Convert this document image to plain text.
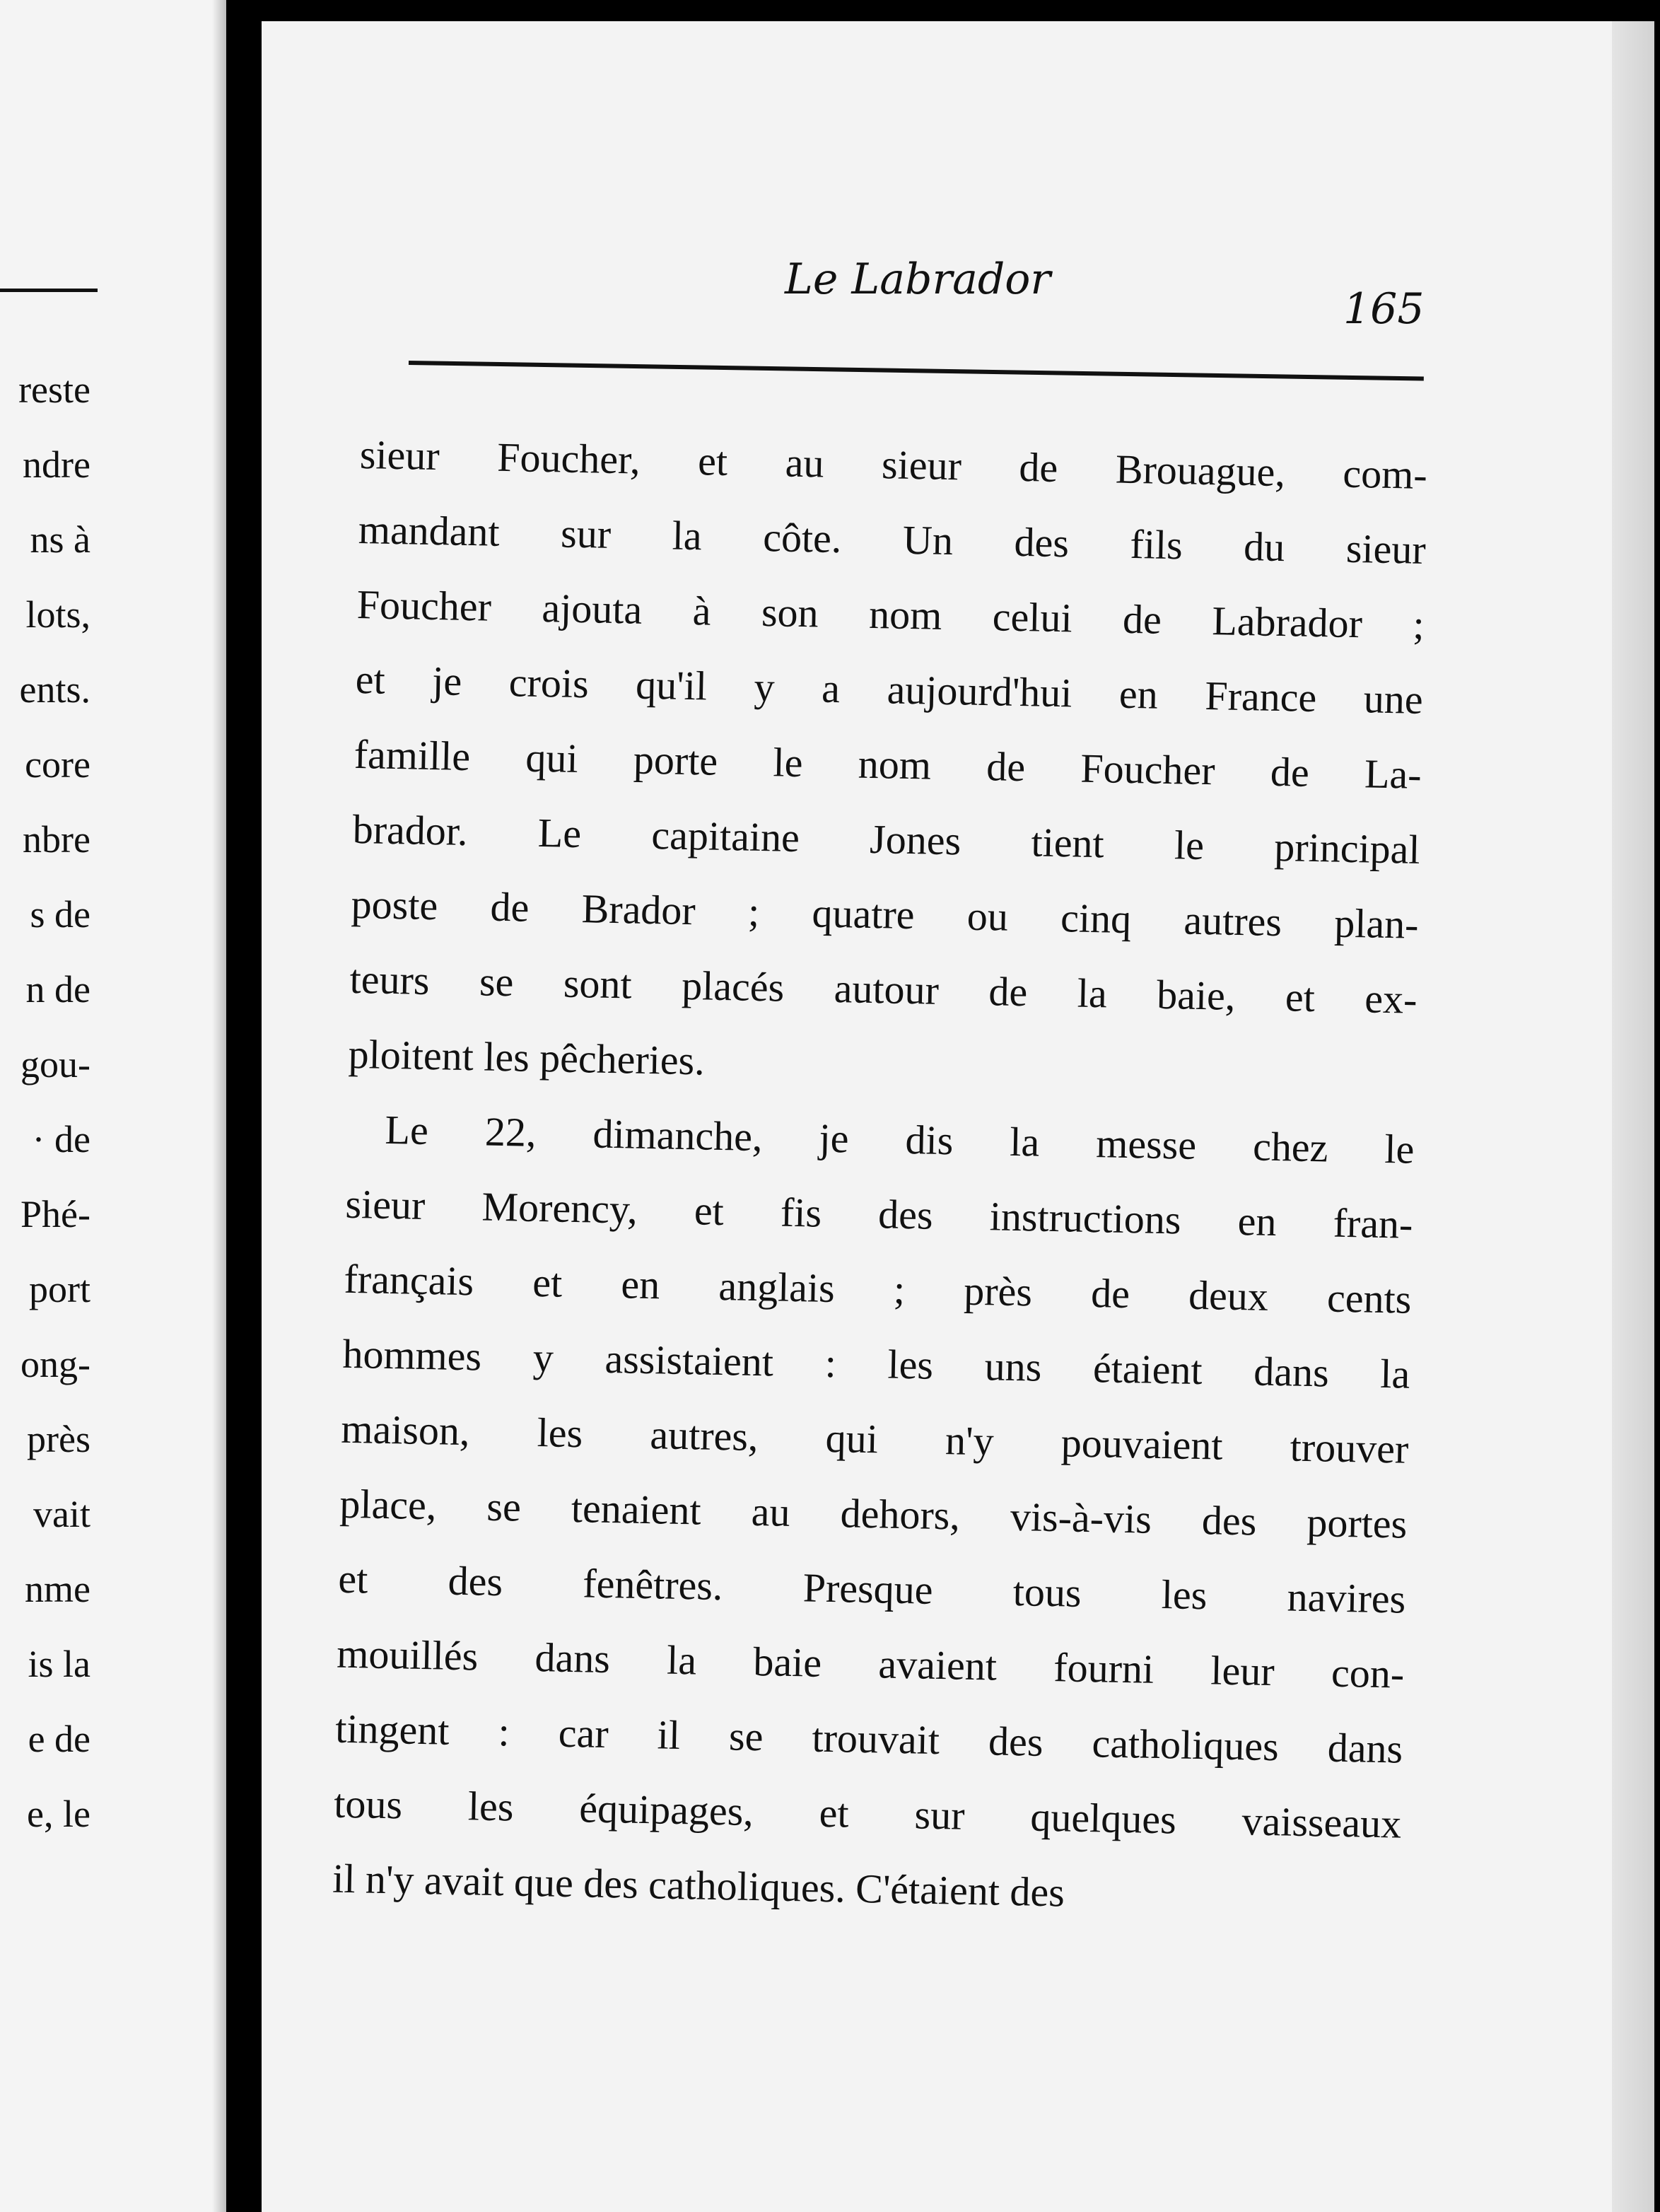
reste
ndre
ns à
lots,
ents.
core
nbre
s de
n de
gou-
· de
Phé-
port
ong-
près
vait
nme
is la
e de
e, le
Le Labrador
165
sieur Foucher, et au sieur de Brouague, com-
mandant sur la côte. Un des fils du sieur
Foucher ajouta à son nom celui de Labrador ;
et je crois qu'il y a aujourd'hui en France une
famille qui porte le nom de Foucher de La-
brador. Le capitaine Jones tient le principal
poste de Brador ; quatre ou cinq autres plan-
teurs se sont placés autour de la baie, et ex-
ploitent les pêcheries.
Le 22, dimanche, je dis la messe chez le
sieur Morency, et fis des instructions en fran-
français et en anglais ; près de deux cents
hommes y assistaient : les uns étaient dans la
maison, les autres, qui n'y pouvaient trouver
place, se tenaient au dehors, vis-à-vis des portes
et des fenêtres. Presque tous les navires
mouillés dans la baie avaient fourni leur con-
tingent : car il se trouvait des catholiques dans
tous les équipages, et sur quelques vaisseaux
il n'y avait que des catholiques. C'étaient des
